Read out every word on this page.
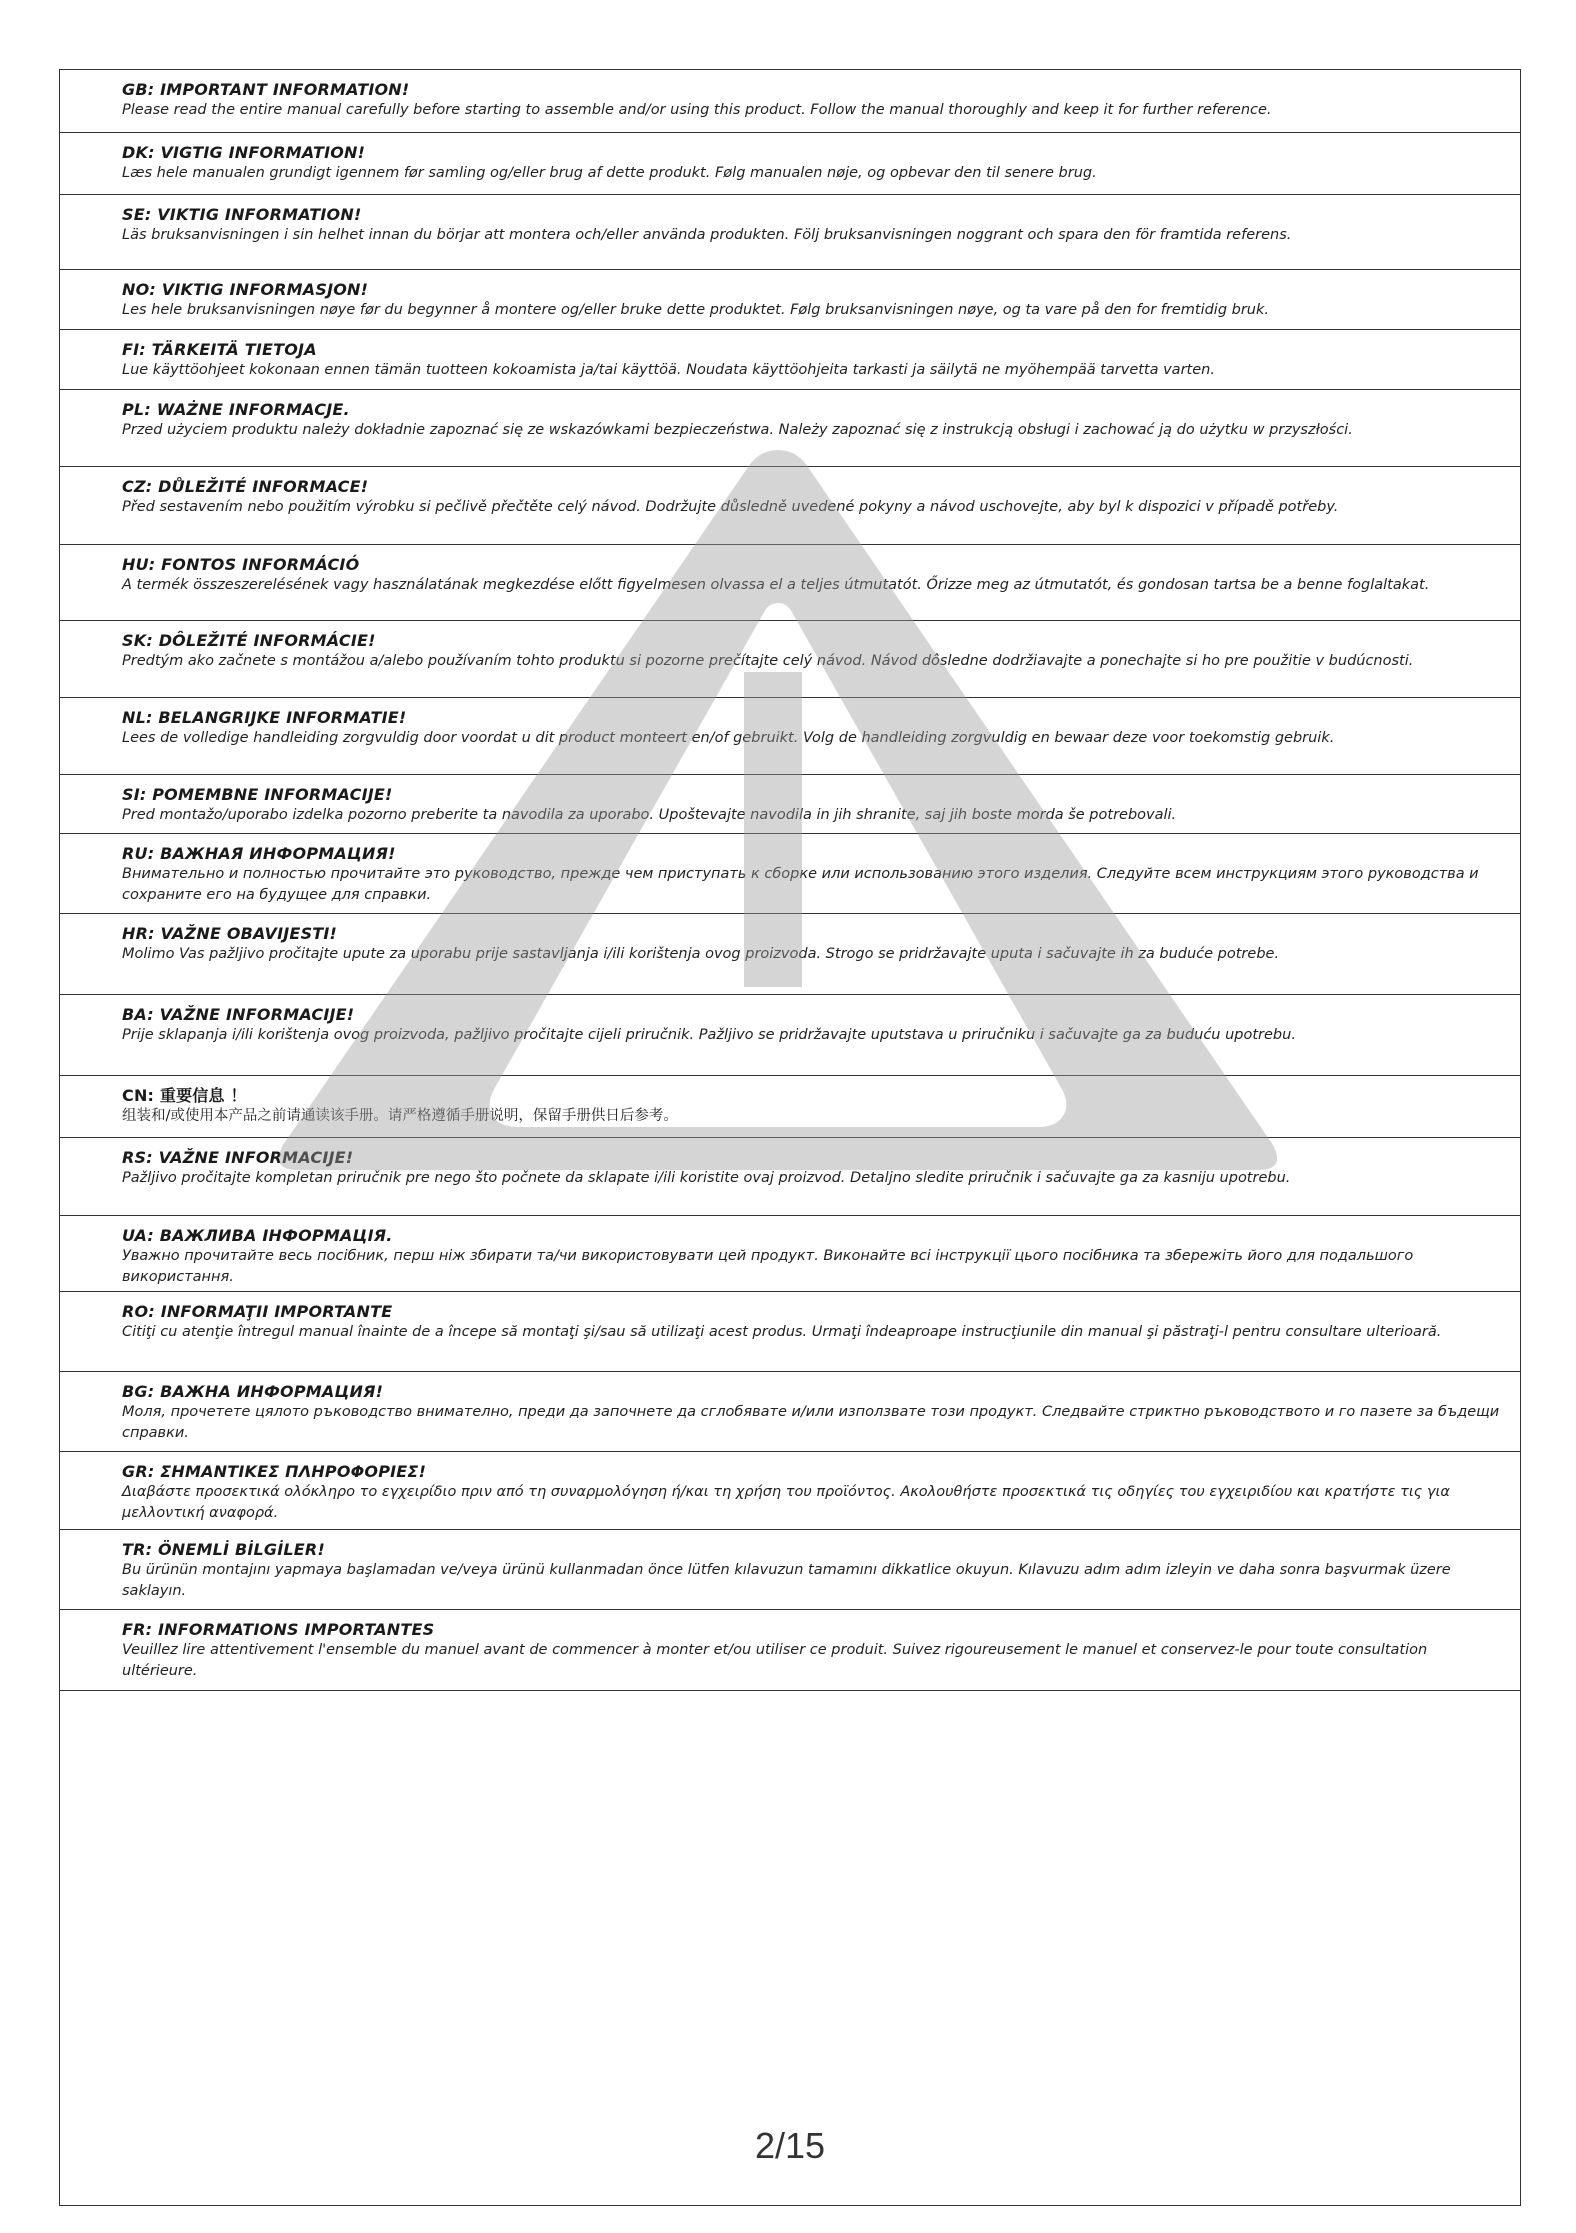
GB: IMPORTANT INFORMATION!
Please read the entire manual carefully before starting to assemble and/or using this product. Follow the manual thoroughly and keep it for further reference.
DK: VIGTIG INFORMATION!
Læs hele manualen grundigt igennem før samling og/eller brug af dette produkt. Følg manualen nøje, og opbevar den til senere brug.
SE: VIKTIG INFORMATION!
Läs bruksanvisningen i sin helhet innan du börjar att montera och/eller använda produkten. Följ bruksanvisningen noggrant och spara den för framtida referens.
NO: VIKTIG INFORMASJON!
Les hele bruksanvisningen nøye før du begynner å montere og/eller bruke dette produktet. Følg bruksanvisningen nøye, og ta vare på den for fremtidig bruk.
FI: TÄRKEITÄ TIETOJA
Lue käyttöohjeet kokonaan ennen tämän tuotteen kokoamista ja/tai käyttöä. Noudata käyttöohjeita tarkasti ja säilytä ne myöhempää tarvetta varten.
PL: WAŻNE INFORMACJE.
Przed użyciem produktu należy dokładnie zapoznać się ze wskazówkami bezpieczeństwa. Należy zapoznać się z instrukcją obsługi i zachować ją do użytku w przyszłości.
CZ: DŮLEŽITÉ INFORMACE!
Před sestavením nebo použitím výrobku si pečlivě přečtěte celý návod. Dodržujte důsledně uvedené pokyny a návod uschovejte, aby byl k dispozici v případě potřeby.
HU: FONTOS INFORMÁCIÓ
A termék összeszerelésének vagy használatának megkezdése előtt figyelmesen olvassa el a teljes útmutatót. Őrizze meg az útmutatót, és gondosan tartsa be a benne foglaltakat.
SK: DÔLEŽITÉ INFORMÁCIE!
Predtým ako začnete s montážou a/alebo používaním tohto produktu si pozorne prečítajte celý návod. Návod dôsledne dodržiavajte a ponechajte si ho pre použitie v budúcnosti.
NL: BELANGRIJKE INFORMATIE!
Lees de volledige handleiding zorgvuldig door voordat u dit product monteert en/of gebruikt. Volg de handleiding zorgvuldig en bewaar deze voor toekomstig gebruik.
SI: POMEMBNE INFORMACIJE!
Pred montažo/uporabo izdelka pozorno preberite ta navodila za uporabo. Upoštevajte navodila in jih shranite, saj jih boste morda še potrebovali.
RU: ВАЖНАЯ ИНФОРМАЦИЯ!
Внимательно и полностью прочитайте это руководство, прежде чем приступать к сборке или использованию этого изделия. Следуйте всем инструкциям этого руководства и сохраните его на будущее для справки.
HR: VAŽNE OBAVIJESTI!
Molimo Vas pažljivo pročitajte upute za uporabu prije sastavljanja i/ili korištenja ovog proizvoda. Strogo se pridržavajte uputa i sačuvajte ih za buduće potrebe.
BA: VAŽNE INFORMACIJE!
Prije sklapanja i/ili korištenja ovog proizvoda, pažljivo pročitajte cijeli priručnik. Pažljivo se pridržavajte uputstava u priručniku i sačuvajte ga za buduću upotrebu.
CN: 重要信息 ！
组装和/或使用本产品之前请通读该手册。请严格遵循手册说明，保留手册供日后参考。
RS: VAŽNE INFORMACIJE!
Pažljivo pročitajte kompletan priručnik pre nego što počnete da sklapate i/ili koristite ovaj proizvod. Detaljno sledite priručnik i sačuvajte ga za kasniju upotrebu.
UA: ВАЖЛИВА ІНФОРМАЦІЯ.
Уважно прочитайте весь посібник, перш ніж збирати та/чи використовувати цей продукт. Виконайте всі інструкції цього посібника та збережіть його для подальшого використання.
RO: INFORMAŢII IMPORTANTE
Citiţi cu atenţie întregul manual înainte de a începe să montaţi şi/sau să utilizaţi acest produs. Urmaţi îndeaproape instrucţiunile din manual şi păstraţi-l pentru consultare ulterioară.
BG: ВАЖНА ИНФОРМАЦИЯ!
Моля, прочетете цялото ръководство внимателно, преди да започнете да сглобявате и/или използвате този продукт. Следвайте стриктно ръководството и го пазете за бъдещи справки.
GR: ΣΗΜΑΝΤΙΚΕΣ ΠΛΗΡΟΦΟΡΙΕΣ!
Διαβάστε προσεκτικά ολόκληρο το εγχειρίδιο πριν από τη συναρμολόγηση ή/και τη χρήση του προϊόντος. Ακολουθήστε προσεκτικά τις οδηγίες του εγχειριδίου και κρατήστε τις για μελλοντική αναφορά.
TR: ÖNEMLİ BİLGİLER!
Bu ürünün montajını yapmaya başlamadan ve/veya ürünü kullanmadan önce lütfen kılavuzun tamamını dikkatlice okuyun. Kılavuzu adım adım izleyin ve daha sonra başvurmak üzere saklayın.
FR: INFORMATIONS IMPORTANTES
Veuillez lire attentivement l'ensemble du manuel avant de commencer à monter et/ou utiliser ce produit. Suivez rigoureusement le manuel et conservez-le pour toute consultation ultérieure.
2/15
